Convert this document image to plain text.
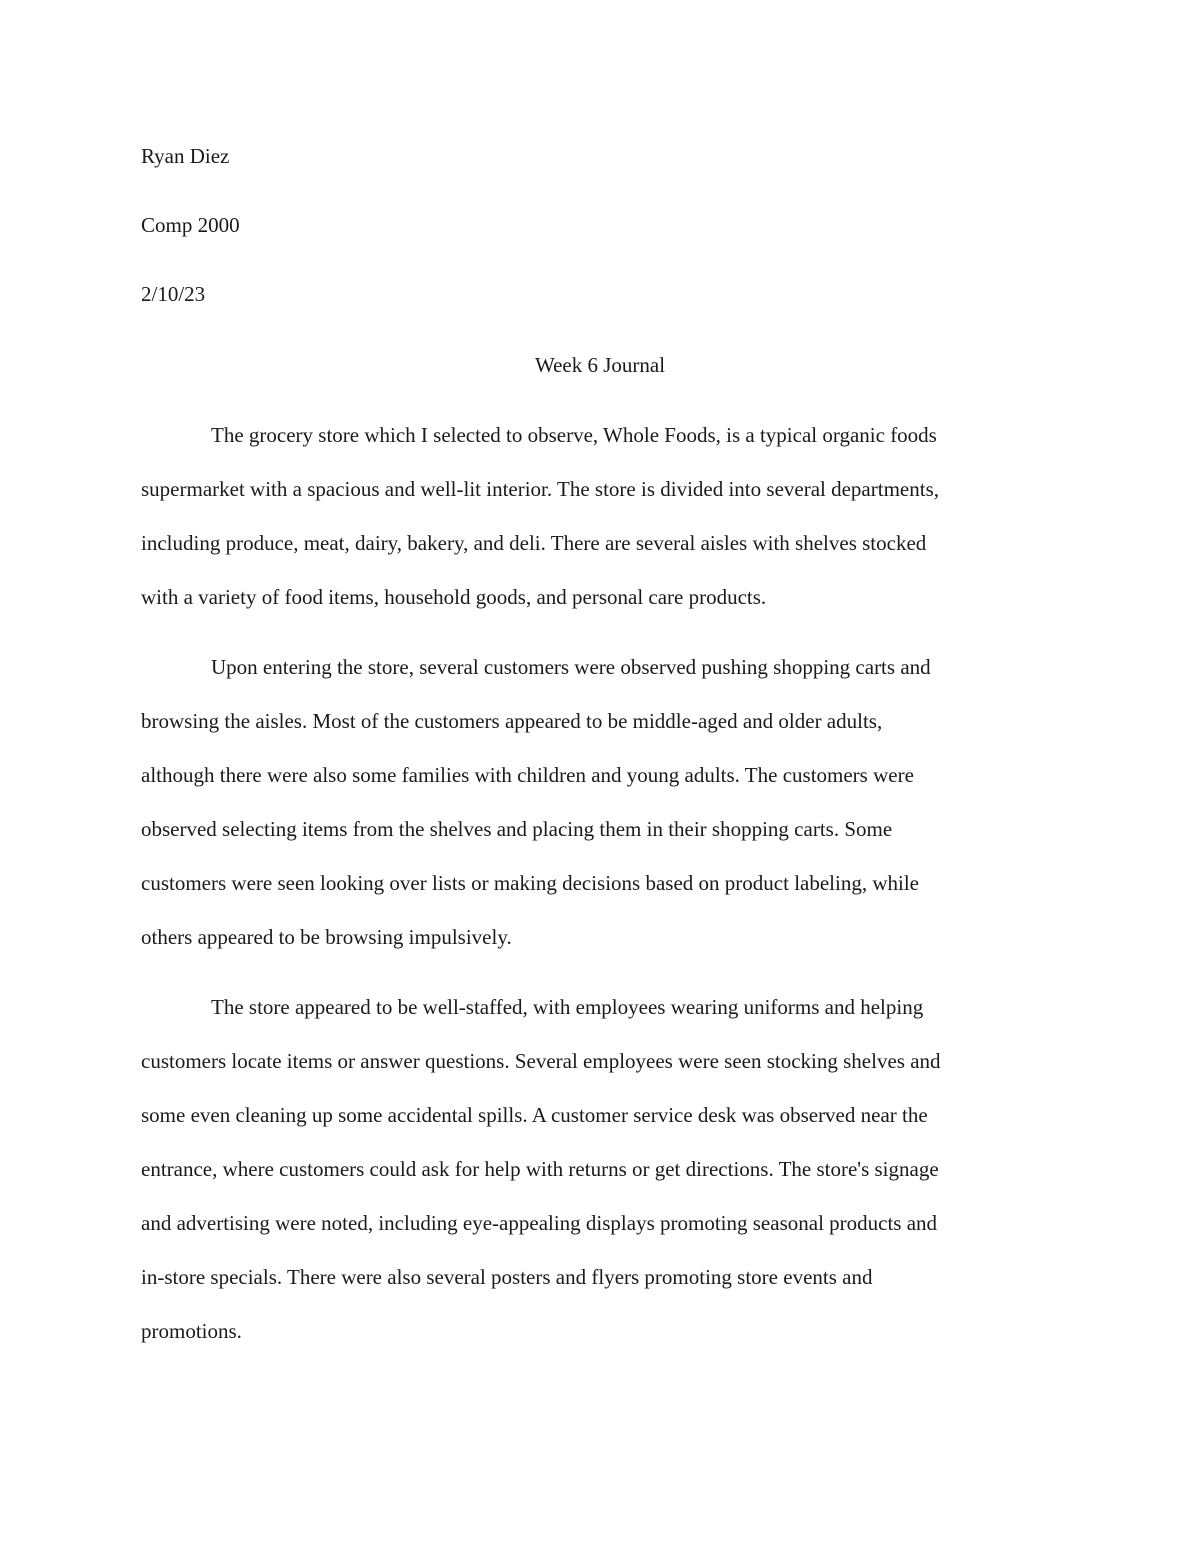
Ryan Diez
Comp 2000
2/10/23
Week 6 Journal
The grocery store which I selected to observe, Whole Foods, is a typical organic foods
supermarket with a spacious and well-lit interior. The store is divided into several departments,
including produce, meat, dairy, bakery, and deli. There are several aisles with shelves stocked
with a variety of food items, household goods, and personal care products.
Upon entering the store, several customers were observed pushing shopping carts and
browsing the aisles. Most of the customers appeared to be middle-aged and older adults,
although there were also some families with children and young adults. The customers were
observed selecting items from the shelves and placing them in their shopping carts. Some
customers were seen looking over lists or making decisions based on product labeling, while
others appeared to be browsing impulsively.
The store appeared to be well-staffed, with employees wearing uniforms and helping
customers locate items or answer questions. Several employees were seen stocking shelves and
some even cleaning up some accidental spills. A customer service desk was observed near the
entrance, where customers could ask for help with returns or get directions. The store's signage
and advertising were noted, including eye-appealing displays promoting seasonal products and
in-store specials. There were also several posters and flyers promoting store events and
promotions.
